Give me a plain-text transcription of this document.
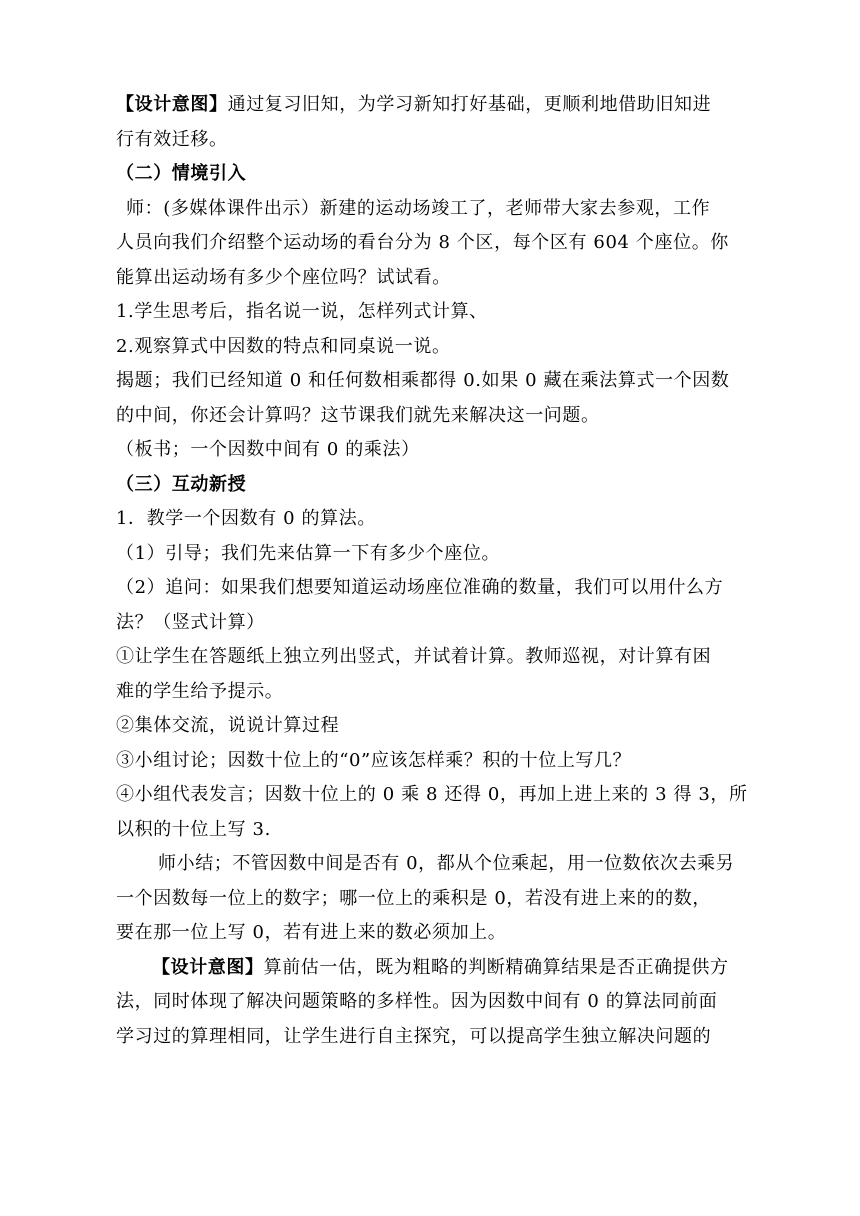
【设计意图】通过复习旧知，为学习新知打好基础，更顺利地借助旧知进
行有效迁移。
（二）情境引入
师：(多媒体课件出示）新建的运动场竣工了，老师带大家去参观，工作
人员向我们介绍整个运动场的看台分为 8 个区，每个区有 604 个座位。你
能算出运动场有多少个座位吗？试试看。
1.学生思考后，指名说一说，怎样列式计算、
2.观察算式中因数的特点和同桌说一说。
揭题；我们已经知道 0 和任何数相乘都得 0.如果 0 藏在乘法算式一个因数
的中间，你还会计算吗？这节课我们就先来解决这一问题。
（板书；一个因数中间有 0 的乘法）
（三）互动新授
1．教学一个因数有 0 的算法。
（1）引导；我们先来估算一下有多少个座位。
（2）追问：如果我们想要知道运动场座位准确的数量，我们可以用什么方
法？（竖式计算）
①让学生在答题纸上独立列出竖式，并试着计算。教师巡视，对计算有困
难的学生给予提示。
②集体交流，说说计算过程
③小组讨论；因数十位上的“0”应该怎样乘？积的十位上写几？
④小组代表发言；因数十位上的 0 乘 8 还得 0，再加上进上来的 3 得 3，所
以积的十位上写 3.
师小结；不管因数中间是否有 0，都从个位乘起，用一位数依次去乘另
一个因数每一位上的数字；哪一位上的乘积是 0，若没有进上来的的数，
要在那一位上写 0，若有进上来的数必须加上。
【设计意图】算前估一估，既为粗略的判断精确算结果是否正确提供方
法，同时体现了解决问题策略的多样性。因为因数中间有 0 的算法同前面
学习过的算理相同，让学生进行自主探究，可以提高学生独立解决问题的
